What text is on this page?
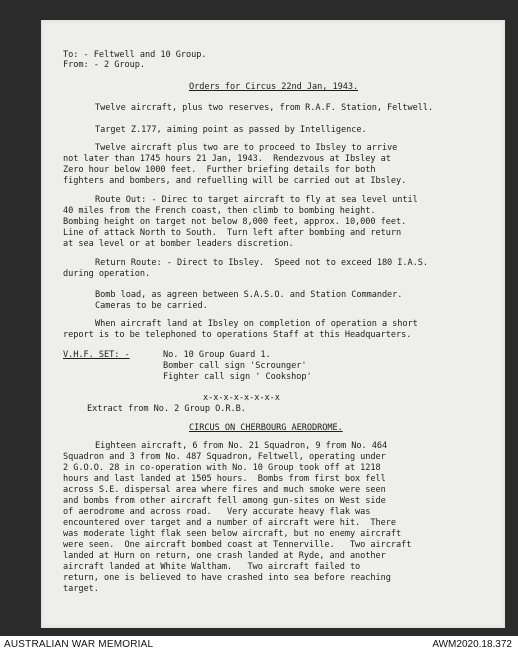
To: - Feltwell and 10 Group.
From: - 2 Group.
Orders for Circus 22nd Jan, 1943.
Twelve aircraft, plus two reserves, from R.A.F. Station, Feltwell.
Target Z.177, aiming point as passed by Intelligence.
Twelve aircraft plus two are to proceed to Ibsley to arrive
not later than 1745 hours 21 Jan, 1943.  Rendezvous at Ibsley at
Zero hour below 1000 feet.  Further briefing details for both
fighters and bombers, and refuelling will be carried out at Ibsley.
Route Out: - Direc to target aircraft to fly at sea level until
40 miles from the French coast, then climb to bombing height.
Bombing height on target not below 8,000 feet, approx. 10,000 feet.
Line of attack North to South.  Turn left after bombing and return
at sea level or at bomber leaders discretion.
Return Route: - Direct to Ibsley.  Speed not to exceed 180 I.A.S.
during operation.
Bomb load, as agreen between S.A.S.O. and Station Commander.
Cameras to be carried.
When aircraft land at Ibsley on completion of operation a short
report is to be telephoned to operations Staff at this Headquarters.
V.H.F. SET: -	No. 10 Group Guard 1.
Bomber call sign 'Scrounger'
Fighter call sign ' Cookshop'
x-x-x-x-x-x-x-x
Extract from No. 2 Group O.R.B.
CIRCUS ON CHERBOURG AERODROME.
Eighteen aircraft, 6 from No. 21 Squadron, 9 from No. 464
Squadron and 3 from No. 487 Squadron, Feltwell, operating under
2 G.O.O. 28 in co-operation with No. 10 Group took off at 1218
hours and last landed at 1505 hours.  Bombs from first box fell
across S.E. dispersal area where fires and much smoke were seen
and bombs from other aircraft fell among gun-sites on West side
of aerodrome and across road.   Very accurate heavy flak was
encountered over target and a number of aircraft were hit.  There
was moderate light flak seen below aircraft, but no enemy aircraft
were seen.  One aircraft bombed coast at Tennerville.   Two aircraft
landed at Hurn on return, one crash landed at Ryde, and another
aircraft landed at White Waltham.   Two aircraft failed to
return, one is believed to have crashed into sea before reaching
target.
AUSTRALIAN WAR MEMORIAL	AWM2020.18.372
